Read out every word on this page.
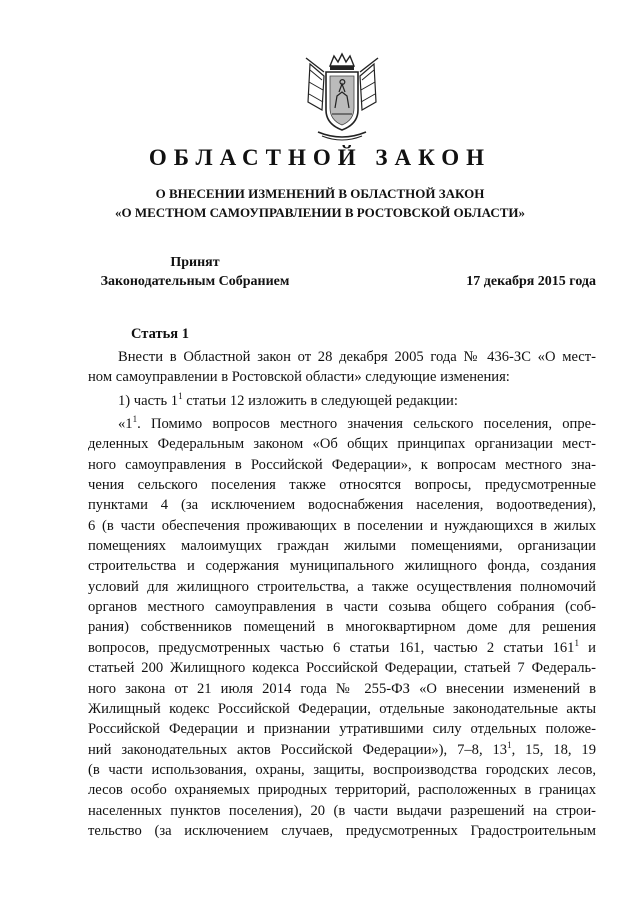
ОБЛАСТНОЙ ЗАКОН
О ВНЕСЕНИИ ИЗМЕНЕНИЙ В ОБЛАСТНОЙ ЗАКОН
«О МЕСТНОМ САМОУПРАВЛЕНИИ В РОСТОВСКОЙ ОБЛАСТИ»
Принят
Законодательным Собранием	17 декабря 2015 года
Статья 1
Внести в Областной закон от 28 декабря 2005 года № 436-ЗС «О мест-
ном самоуправлении в Ростовской области» следующие изменения:
1) часть $1^1$ статьи 12 изложить в следующей редакции:
«$1^1$. Помимо вопросов местного значения сельского поселения, опре-
деленных Федеральным законом «Об общих принципах организации мест-
ного самоуправления в Российской Федерации», к вопросам местного зна-
чения сельского поселения также относятся вопросы, предусмотренные
пунктами 4 (за исключением водоснабжения населения, водоотведения),
6 (в части обеспечения проживающих в поселении и нуждающихся в жилых
помещениях малоимущих граждан жилыми помещениями, организации
строительства и содержания муниципального жилищного фонда, создания
условий для жилищного строительства, а также осуществления полномочий
органов местного самоуправления в части созыва общего собрания (соб-
рания) собственников помещений в многоквартирном доме для решения
вопросов, предусмотренных частью 6 статьи 161, частью 2 статьи $161^1$ и
статьей 200 Жилищного кодекса Российской Федерации, статьей 7 Федераль-
ного закона от 21 июля 2014 года № 255-ФЗ «О внесении изменений в
Жилищный кодекс Российской Федерации, отдельные законодательные акты
Российской Федерации и признании утратившими силу отдельных положе-
ний законодательных актов Российской Федерации»), 7–8, $13^1$, 15, 18, 19
(в части использования, охраны, защиты, воспроизводства городских лесов,
лесов особо охраняемых природных территорий, расположенных в границах
населенных пунктов поселения), 20 (в части выдачи разрешений на строи-
тельство (за исключением случаев, предусмотренных Градостроительным
